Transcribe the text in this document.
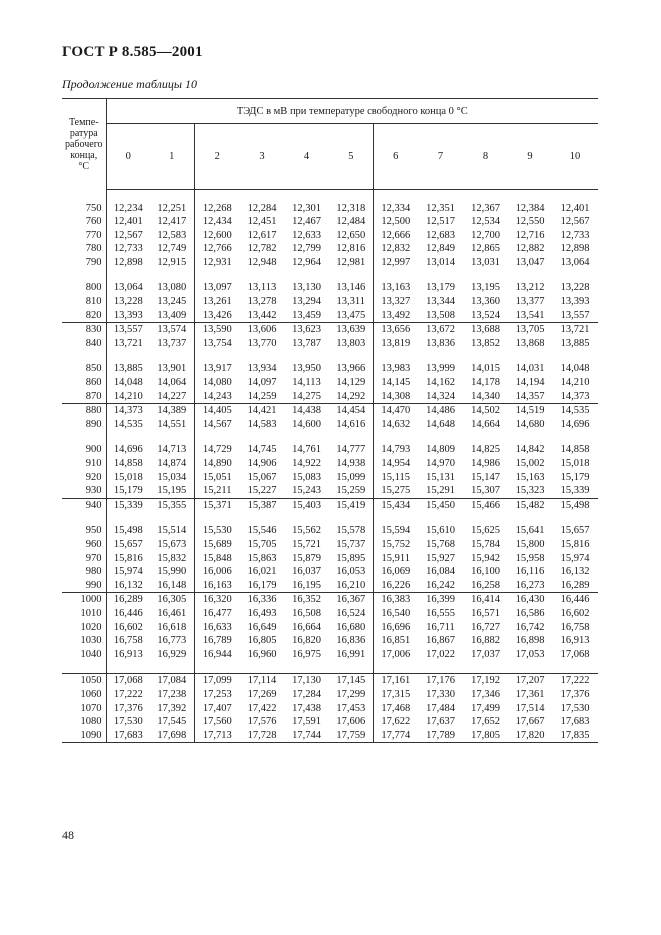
ГОСТ Р 8.585—2001
Продолжение таблицы 10
Темпе-
ратура
рабочего
конца,
°С	ТЭДС в мВ при температуре свободного конца 0 °С										
	0	1	2	3	4	5	6	7	8	9	10

750	12,234	12,251	12,268	12,284	12,301	12,318	12,334	12,351	12,367	12,384	12,401
760	12,401	12,417	12,434	12,451	12,467	12,484	12,500	12,517	12,534	12,550	12,567
770	12,567	12,583	12,600	12,617	12,633	12,650	12,666	12,683	12,700	12,716	12,733
780	12,733	12,749	12,766	12,782	12,799	12,816	12,832	12,849	12,865	12,882	12,898
790	12,898	12,915	12,931	12,948	12,964	12,981	12,997	13,014	13,031	13,047	13,064

800	13,064	13,080	13,097	13,113	13,130	13,146	13,163	13,179	13,195	13,212	13,228
810	13,228	13,245	13,261	13,278	13,294	13,311	13,327	13,344	13,360	13,377	13,393
820	13,393	13,409	13,426	13,442	13,459	13,475	13,492	13,508	13,524	13,541	13,557
830	13,557	13,574	13,590	13,606	13,623	13,639	13,656	13,672	13,688	13,705	13,721
840	13,721	13,737	13,754	13,770	13,787	13,803	13,819	13,836	13,852	13,868	13,885

850	13,885	13,901	13,917	13,934	13,950	13,966	13,983	13,999	14,015	14,031	14,048
860	14,048	14,064	14,080	14,097	14,113	14,129	14,145	14,162	14,178	14,194	14,210
870	14,210	14,227	14,243	14,259	14,275	14,292	14,308	14,324	14,340	14,357	14,373
880	14,373	14,389	14,405	14,421	14,438	14,454	14,470	14,486	14,502	14,519	14,535
890	14,535	14,551	14,567	14,583	14,600	14,616	14,632	14,648	14,664	14,680	14,696

900	14,696	14,713	14,729	14,745	14,761	14,777	14,793	14,809	14,825	14,842	14,858
910	14,858	14,874	14,890	14,906	14,922	14,938	14,954	14,970	14,986	15,002	15,018
920	15,018	15,034	15,051	15,067	15,083	15,099	15,115	15,131	15,147	15,163	15,179
930	15,179	15,195	15,211	15,227	15,243	15,259	15,275	15,291	15,307	15,323	15,339
940	15,339	15,355	15,371	15,387	15,403	15,419	15,434	15,450	15,466	15,482	15,498

950	15,498	15,514	15,530	15,546	15,562	15,578	15,594	15,610	15,625	15,641	15,657
960	15,657	15,673	15,689	15,705	15,721	15,737	15,752	15,768	15,784	15,800	15,816
970	15,816	15,832	15,848	15,863	15,879	15,895	15,911	15,927	15,942	15,958	15,974
980	15,974	15,990	16,006	16,021	16,037	16,053	16,069	16,084	16,100	16,116	16,132
990	16,132	16,148	16,163	16,179	16,195	16,210	16,226	16,242	16,258	16,273	16,289
1000	16,289	16,305	16,320	16,336	16,352	16,367	16,383	16,399	16,414	16,430	16,446
1010	16,446	16,461	16,477	16,493	16,508	16,524	16,540	16,555	16,571	16,586	16,602
1020	16,602	16,618	16,633	16,649	16,664	16,680	16,696	16,711	16,727	16,742	16,758
1030	16,758	16,773	16,789	16,805	16,820	16,836	16,851	16,867	16,882	16,898	16,913
1040	16,913	16,929	16,944	16,960	16,975	16,991	17,006	17,022	17,037	17,053	17,068

1050	17,068	17,084	17,099	17,114	17,130	17,145	17,161	17,176	17,192	17,207	17,222
1060	17,222	17,238	17,253	17,269	17,284	17,299	17,315	17,330	17,346	17,361	17,376
1070	17,376	17,392	17,407	17,422	17,438	17,453	17,468	17,484	17,499	17,514	17,530
1080	17,530	17,545	17,560	17,576	17,591	17,606	17,622	17,637	17,652	17,667	17,683
1090	17,683	17,698	17,713	17,728	17,744	17,759	17,774	17,789	17,805	17,820	17,835
48
